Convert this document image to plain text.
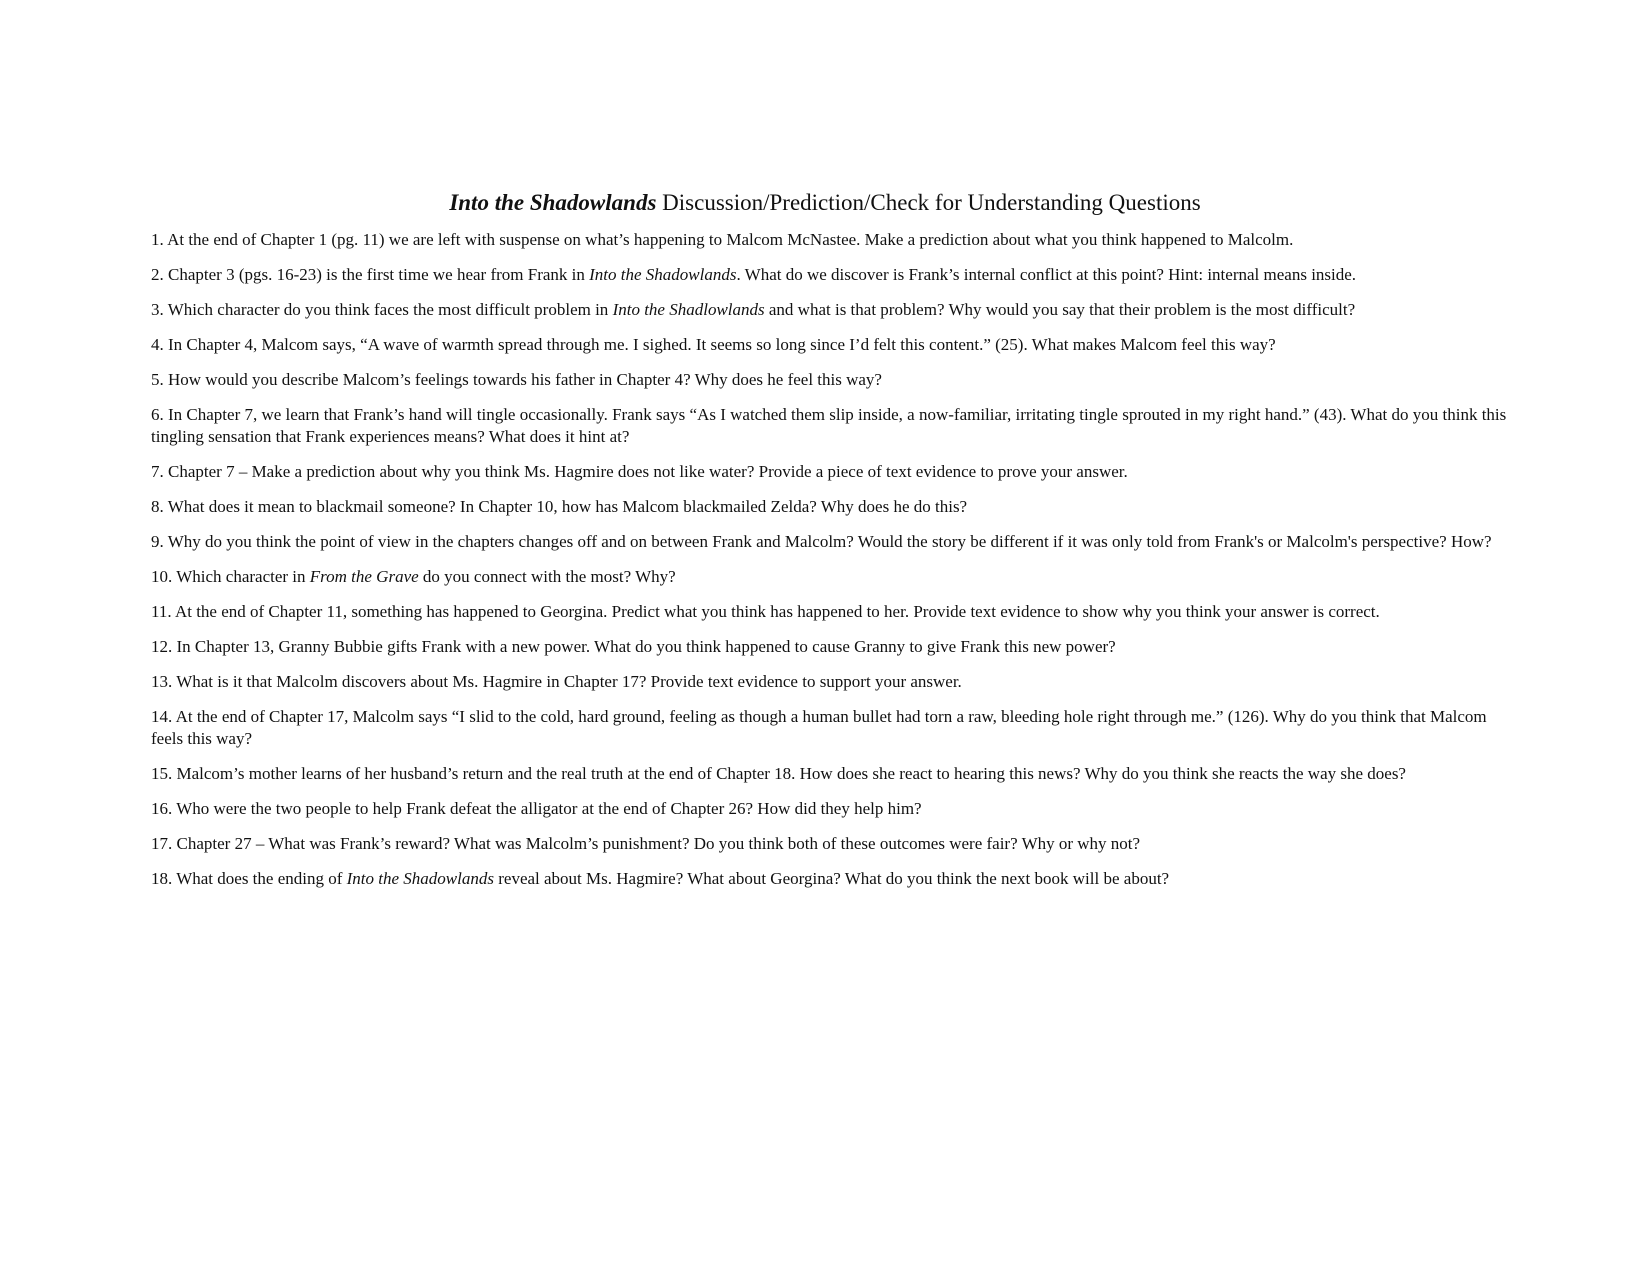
Into the Shadowlands Discussion/Prediction/Check for Understanding Questions
1. At the end of Chapter 1 (pg. 11) we are left with suspense on what’s happening to Malcom McNastee. Make a prediction about what you think happened to Malcolm.
2. Chapter 3 (pgs. 16-23) is the first time we hear from Frank in Into the Shadowlands. What do we discover is Frank’s internal conflict at this point? Hint: internal means inside.
3. Which character do you think faces the most difficult problem in Into the Shadlowlands and what is that problem? Why would you say that their problem is the most difficult?
4. In Chapter 4, Malcom says, “A wave of warmth spread through me. I sighed. It seems so long since I’d felt this content.” (25). What makes Malcom feel this way?
5. How would you describe Malcom’s feelings towards his father in Chapter 4? Why does he feel this way?
6. In Chapter 7, we learn that Frank’s hand will tingle occasionally. Frank says “As I watched them slip inside, a now-familiar, irritating tingle sprouted in my right hand.” (43). What do you think this tingling sensation that Frank experiences means? What does it hint at?
7. Chapter 7 – Make a prediction about why you think Ms. Hagmire does not like water? Provide a piece of text evidence to prove your answer.
8. What does it mean to blackmail someone? In Chapter 10, how has Malcom blackmailed Zelda? Why does he do this?
9. Why do you think the point of view in the chapters changes off and on between Frank and Malcolm? Would the story be different if it was only told from Frank's or Malcolm's perspective? How?
10. Which character in From the Grave do you connect with the most? Why?
11. At the end of Chapter 11, something has happened to Georgina. Predict what you think has happened to her. Provide text evidence to show why you think your answer is correct.
12. In Chapter 13, Granny Bubbie gifts Frank with a new power. What do you think happened to cause Granny to give Frank this new power?
13. What is it that Malcolm discovers about Ms. Hagmire in Chapter 17? Provide text evidence to support your answer.
14. At the end of Chapter 17, Malcolm says “I slid to the cold, hard ground, feeling as though a human bullet had torn a raw, bleeding hole right through me.” (126). Why do you think that Malcom feels this way?
15. Malcom’s mother learns of her husband’s return and the real truth at the end of Chapter 18. How does she react to hearing this news? Why do you think she reacts the way she does?
16. Who were the two people to help Frank defeat the alligator at the end of Chapter 26? How did they help him?
17. Chapter 27 – What was Frank’s reward? What was Malcolm’s punishment? Do you think both of these outcomes were fair? Why or why not?
18. What does the ending of Into the Shadowlands reveal about Ms. Hagmire? What about Georgina? What do you think the next book will be about?
